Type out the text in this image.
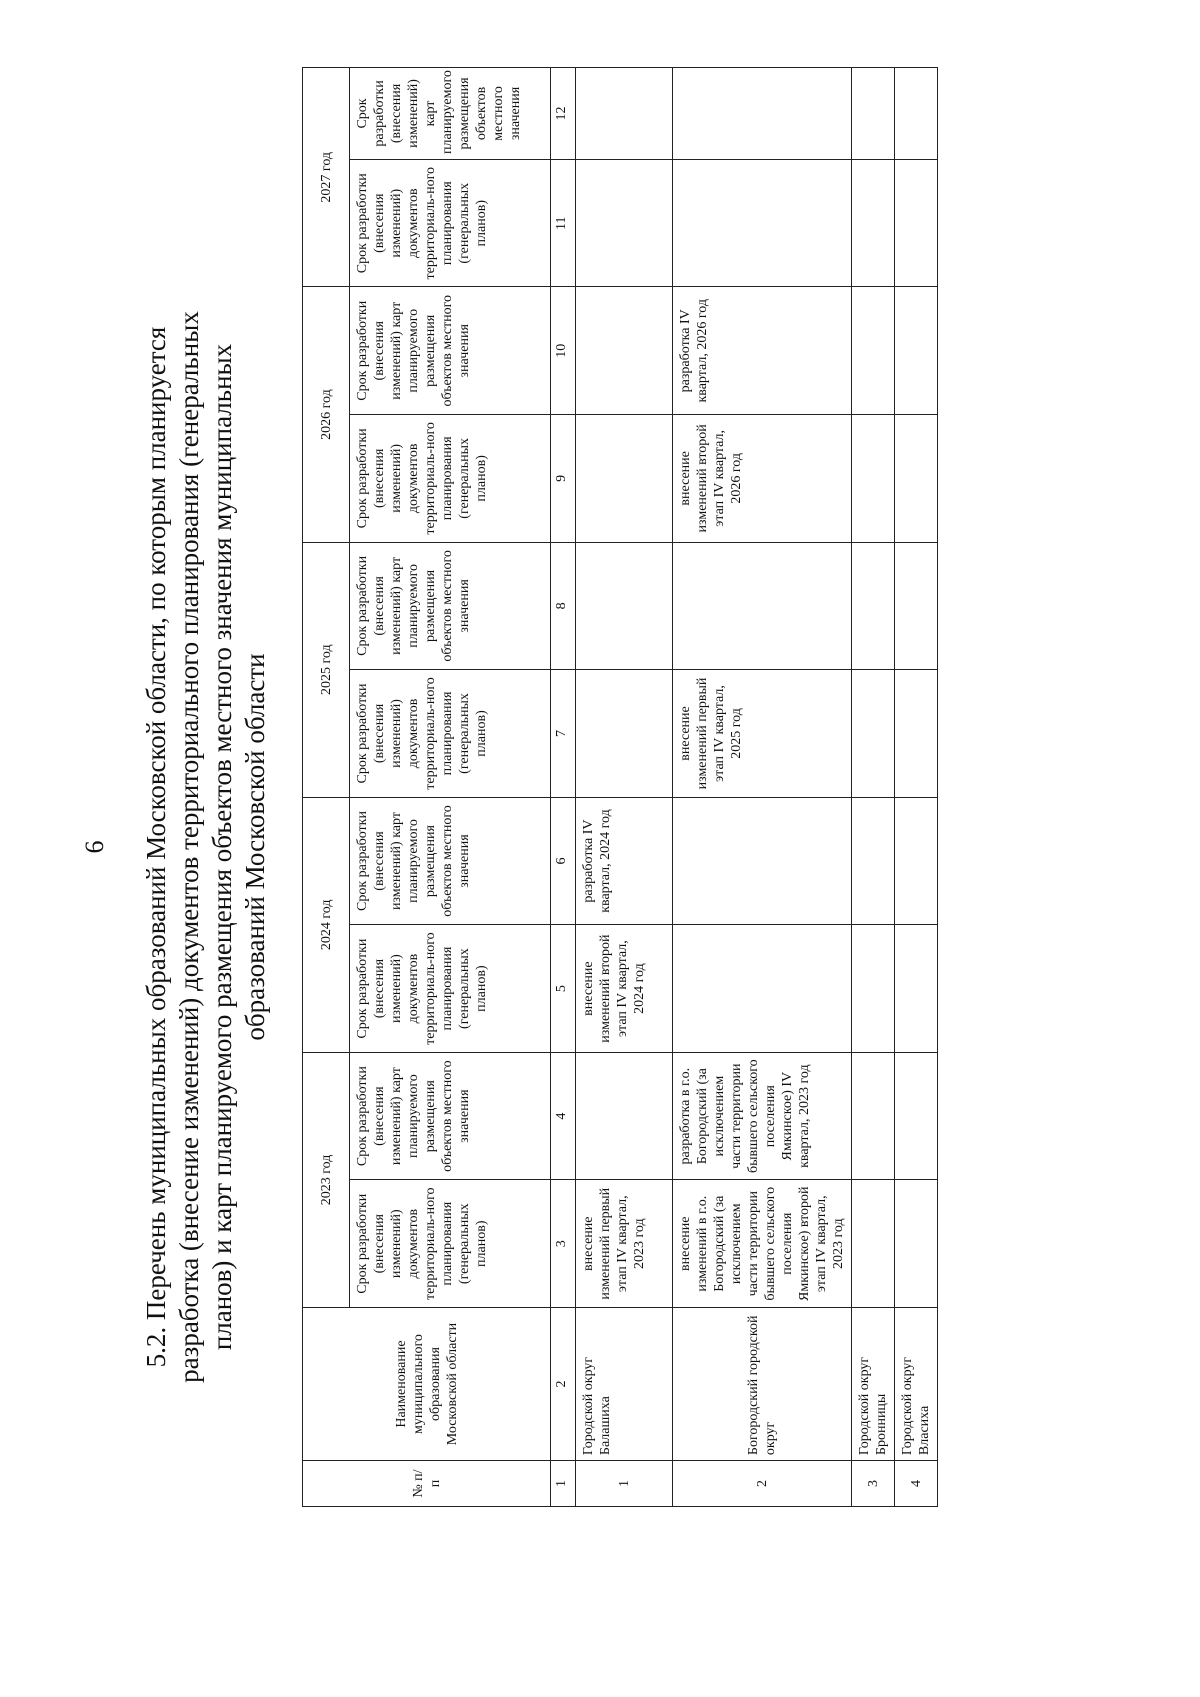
6 5.2. Перечень муниципальных образований Московской области, по которым планируется разработка (внесение изменений) документов территориального планирования (генеральных планов) и карт планируемого размещения объектов местного значения муниципальных образований Московской области
№ п/п	Наименование муниципального образования Московской области	2023 год		2024 год		2025 год		2026 год		2027 год	
		Срок разработки (внесения изменений) документов территориаль-ного планирования (генеральных планов)	Срок разработки (внесения изменений) карт планируемого размещения объектов местного значения	Срок разработки (внесения изменений) документов территориаль-ного планирования (генеральных планов)	Срок разработки (внесения изменений) карт планируемого размещения объектов местного значения	Срок разработки (внесения изменений) документов территориаль-ного планирования (генеральных планов)	Срок разработки (внесения изменений) карт планируемого размещения объектов местного значения	Срок разработки (внесения изменений) документов территориаль-ного планирования (генеральных планов)	Срок разработки (внесения изменений) карт планируемого размещения объектов местного значения	Срок разработки (внесения изменений) документов территориаль-ного планирования (генеральных планов)	Срок разработки (внесения изменений) карт планируемого размещения объектов местного значения
1	2	3	4	5	6	7	8	9	10	11	12
1	Городской округ Балашиха	внесение изменений первый этап IV квартал, 2023 год		внесение изменений второй этап IV квартал, 2024 год	разработка IV квартал, 2024 год						
2	Богородский городской округ	внесение изменений в г.о. Богородский (за исключением части территории бывшего сельского поселения Ямкинское) второй этап IV квартал, 2023 год	разработка в г.о. Богородский (за исключением части территории бывшего сельского поселения Ямкинское) IV квартал, 2023 год			внесение изменений первый этап IV квартал, 2025 год		внесение изменений второй этап IV квартал, 2026 год	разработка IV квартал, 2026 год		
3	Городской округ Бронницы										
4	Городской округ Власиха										
